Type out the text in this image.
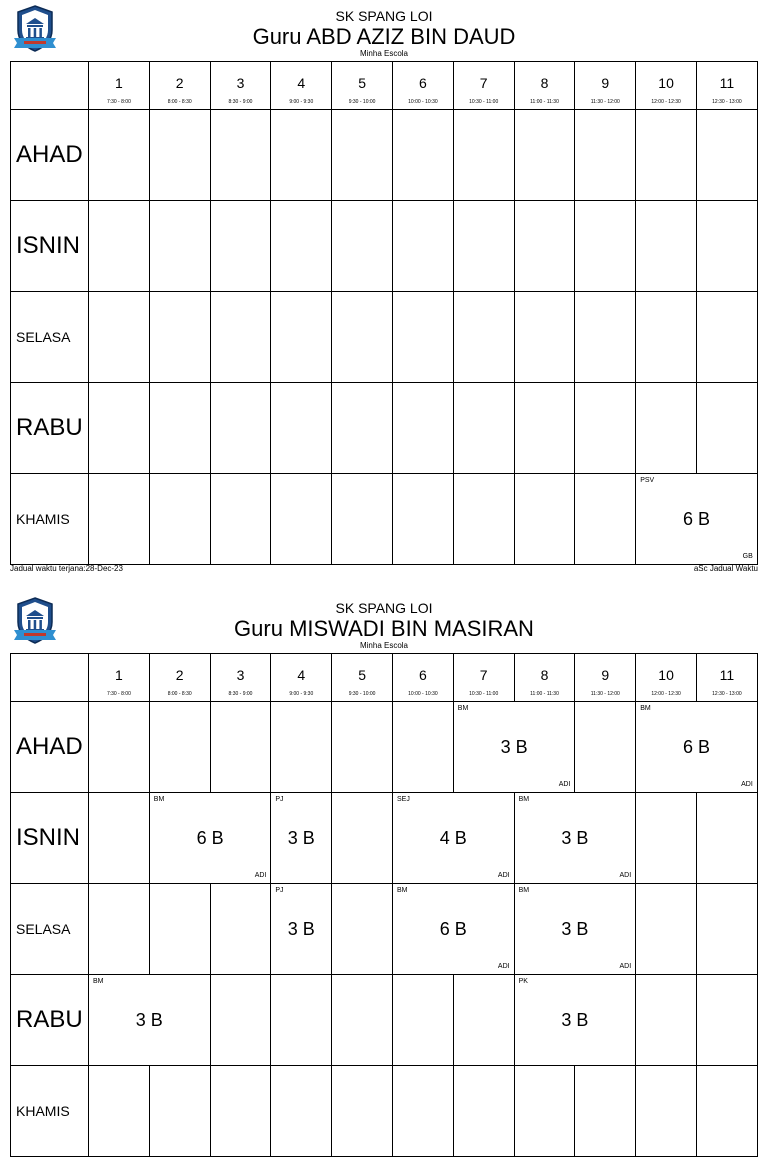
SK SPANG LOI
Guru ABD AZIZ BIN DAUD
Minha Escola
1
7:30 - 8:00
2
8:00 - 8:30
3
8:30 - 9:00
4
9:00 - 9:30
5
9:30 - 10:00
6
10:00 - 10:30
7
10:30 - 11:00
8
11:00 - 11:30
9
11:30 - 12:00
10
12:00 - 12:30
11
12:30 - 13:00
AHAD
ISNIN
SELASA
RABU
KHAMIS
PSV
6 B
GB
Jadual waktu terjana:28-Dec-23	aSc Jadual Waktu
SK SPANG LOI
Guru MISWADI BIN MASIRAN
Minha Escola
1
7:30 - 8:00
2
8:00 - 8:30
3
8:30 - 9:00
4
9:00 - 9:30
5
9:30 - 10:00
6
10:00 - 10:30
7
10:30 - 11:00
8
11:00 - 11:30
9
11:30 - 12:00
10
12:00 - 12:30
11
12:30 - 13:00
AHAD
BM
3 B
ADI
BM
6 B
ADI
ISNIN
BM
6 B
ADI
PJ
3 B
SEJ
4 B
ADI
BM
3 B
ADI
SELASA
PJ
3 B
BM
6 B
ADI
BM
3 B
ADI
RABU
BM
3 B
PK
3 B
KHAMIS
